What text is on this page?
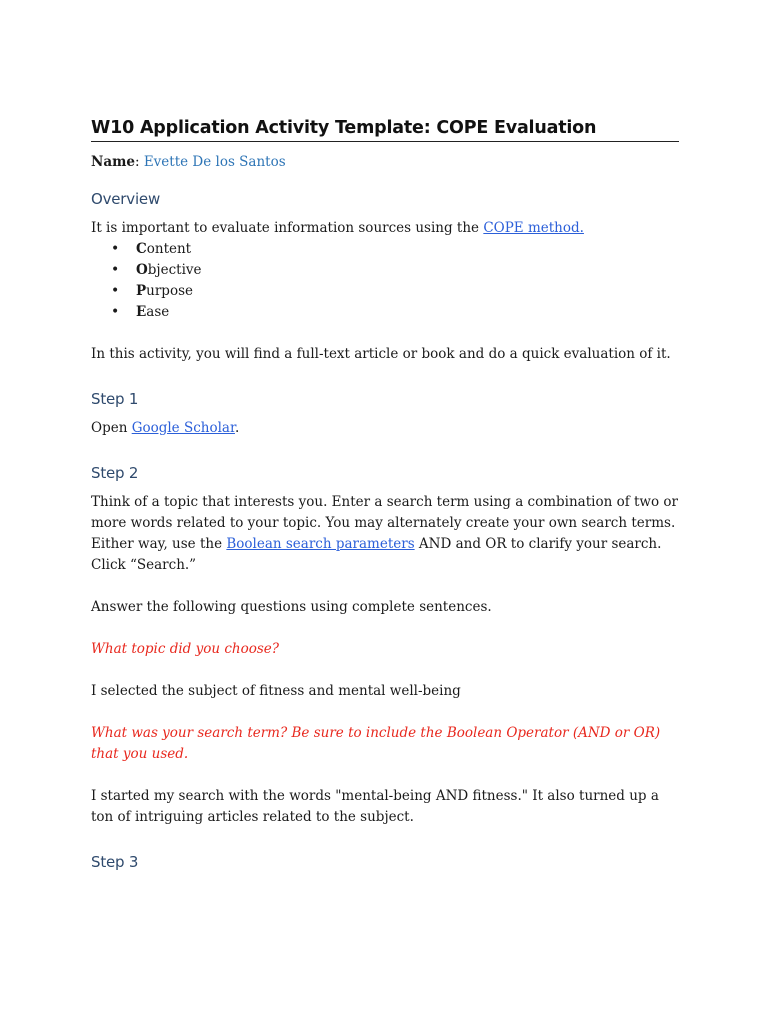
W10 Application Activity Template: COPE Evaluation
Name: Evette De los Santos
Overview

It is important to evaluate information sources using the COPE method.

• Content
• Objective
• Purpose
• Ease

In this activity, you will find a full-text article or book and do a quick evaluation of it.

Step 1

Open Google Scholar.

Step 2

Think of a topic that interests you. Enter a search term using a combination of two or more words related to your topic. You may alternately create your own search terms. Either way, use the Boolean search parameters AND and OR to clarify your search. Click “Search.”

Answer the following questions using complete sentences.

What topic did you choose?

I selected the subject of fitness and mental well-being

What was your search term? Be sure to include the Boolean Operator (AND or OR) that you used.

I started my search with the words "mental-being AND fitness." It also turned up a ton of intriguing articles related to the subject.

Step 3
